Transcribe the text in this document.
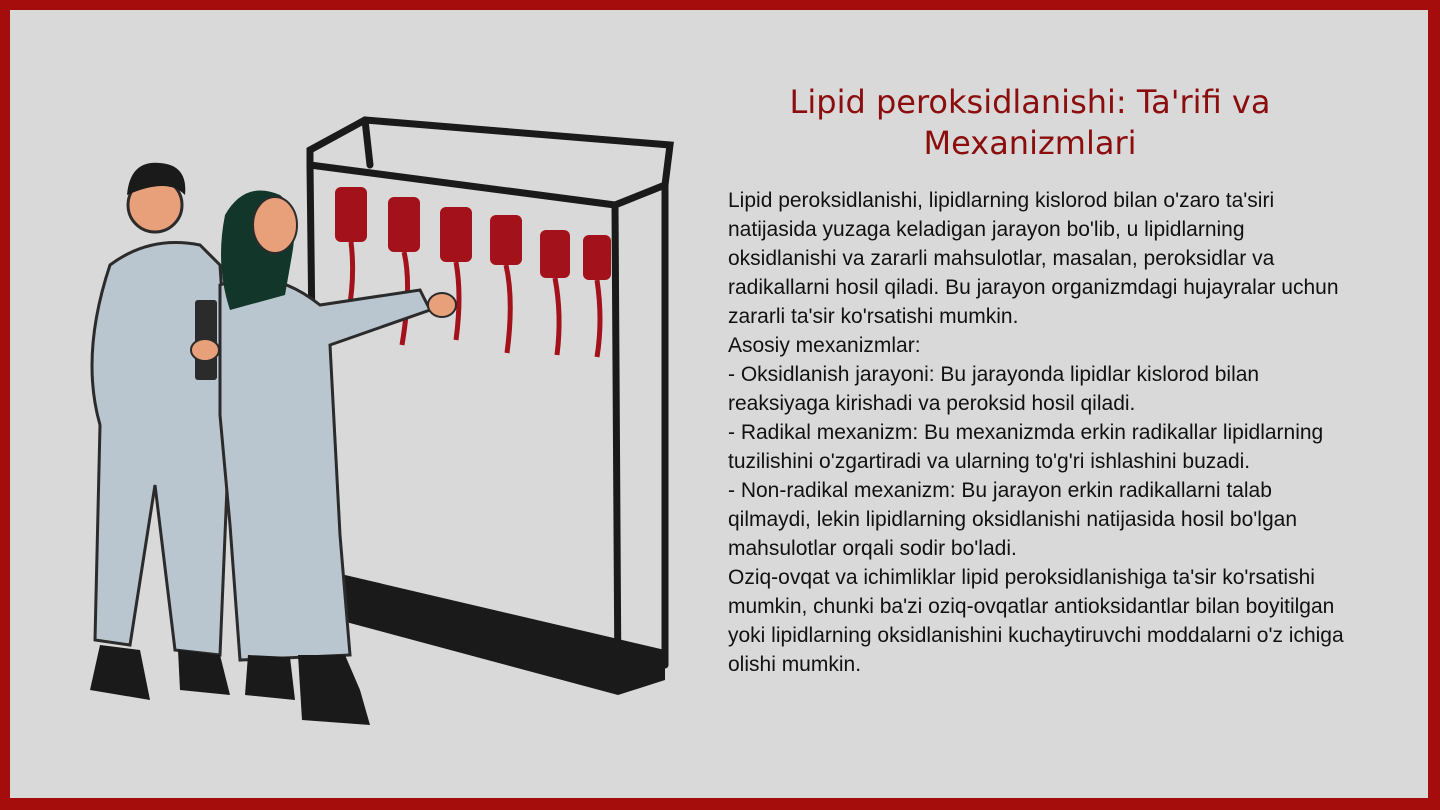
Lipid peroksidlanishi: Ta'rifi va Mexanizmlari

Lipid peroksidlanishi, lipidlarning kislorod bilan o'zaro ta'siri natijasida yuzaga keladigan jarayon bo'lib, u lipidlarning oksidlanishi va zararli mahsulotlar, masalan, peroksidlar va radikallarni hosil qiladi. Bu jarayon organizmdagi hujayralar uchun zararli ta'sir ko'rsatishi mumkin.

Asosiy mexanizmlar:

- Oksidlanish jarayoni: Bu jarayonda lipidlar kislorod bilan reaksiyaga kirishadi va peroksid hosil qiladi.

- Radikal mexanizm: Bu mexanizmda erkin radikallar lipidlarning tuzilishini o'zgartiradi va ularning to'g'ri ishlashini buzadi.

- Non-radikal mexanizm: Bu jarayon erkin radikallarni talab qilmaydi, lekin lipidlarning oksidlanishi natijasida hosil bo'lgan mahsulotlar orqali sodir bo'ladi.

Oziq-ovqat va ichimliklar lipid peroksidlanishiga ta'sir ko'rsatishi mumkin, chunki ba'zi oziq-ovqatlar antioksidantlar bilan boyitilgan yoki lipidlarning oksidlanishini kuchaytiruvchi moddalarni o'z ichiga olishi mumkin.
